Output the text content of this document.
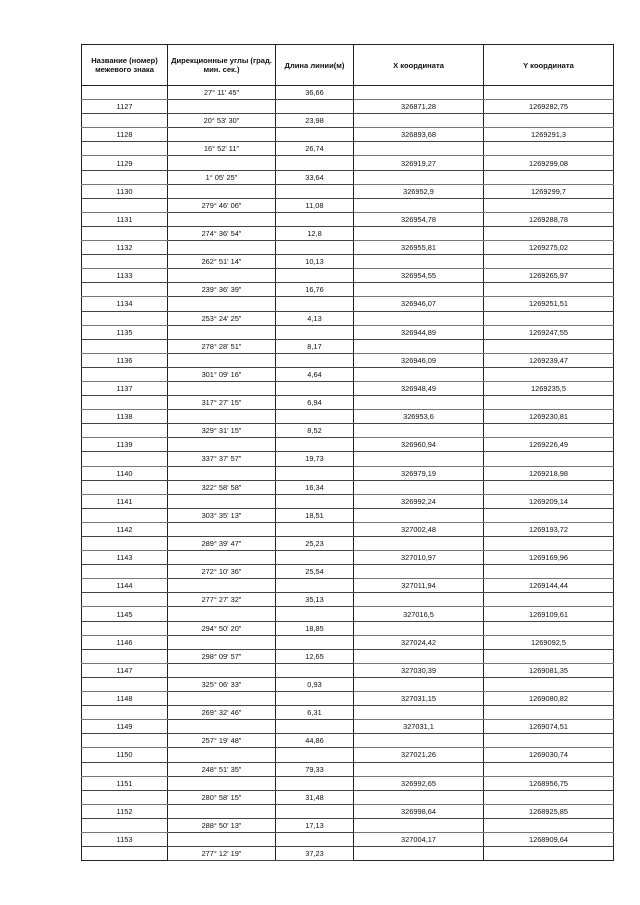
Название (номер) межевого знака	Дирекционные углы (град. мин. сек.)	Длина линии(м)	X координата	Y координата
	27° 11' 45"	36,66		
1127			326871,28	1269282,75
	20° 53' 30"	23,98		
1128			326893,68	1269291,3
	16° 52' 11"	26,74		
1129			326919,27	1269299,08
	1° 05' 25"	33,64		
1130			326952,9	1269299,7
	279° 46' 06"	11,08		
1131			326954,78	1269288,78
	274° 36' 54"	12,8		
1132			326955,81	1269275,02
	262° 51' 14"	10,13		
1133			326954,55	1269265,97
	239° 36' 39"	16,76		
1134			326946,07	1269251,51
	253° 24' 25"	4,13		
1135			326944,89	1269247,55
	278° 28' 51"	8,17		
1136			326946,09	1269239,47
	301° 09' 16"	4,64		
1137			326948,49	1269235,5
	317° 27' 15"	6,94		
1138			326953,6	1269230,81
	329° 31' 15"	8,52		
1139			326960,94	1269226,49
	337° 37' 57"	19,73		
1140			326979,19	1269218,98
	322° 58' 58"	16,34		
1141			326992,24	1269209,14
	303° 35' 13"	18,51		
1142			327002,48	1269193,72
	289° 39' 47"	25,23		
1143			327010,97	1269169,96
	272° 10' 36"	25,54		
1144			327011,94	1269144,44
	277° 27' 32"	35,13		
1145			327016,5	1269109,61
	294° 50' 20"	18,85		
1146			327024,42	1269092,5
	298° 09' 57"	12,65		
1147			327030,39	1269081,35
	325° 06' 33"	0,93		
1148			327031,15	1269080,82
	269° 32' 46"	6,31		
1149			327031,1	1269074,51
	257° 19' 48"	44,86		
1150			327021,26	1269030,74
	248° 51' 35"	79,33		
1151			326992,65	1268956,75
	280° 58' 15"	31,48		
1152			326998,64	1268925,85
	288° 50' 13"	17,13		
1153			327004,17	1268909,64
	277° 12' 19"	37,23		
